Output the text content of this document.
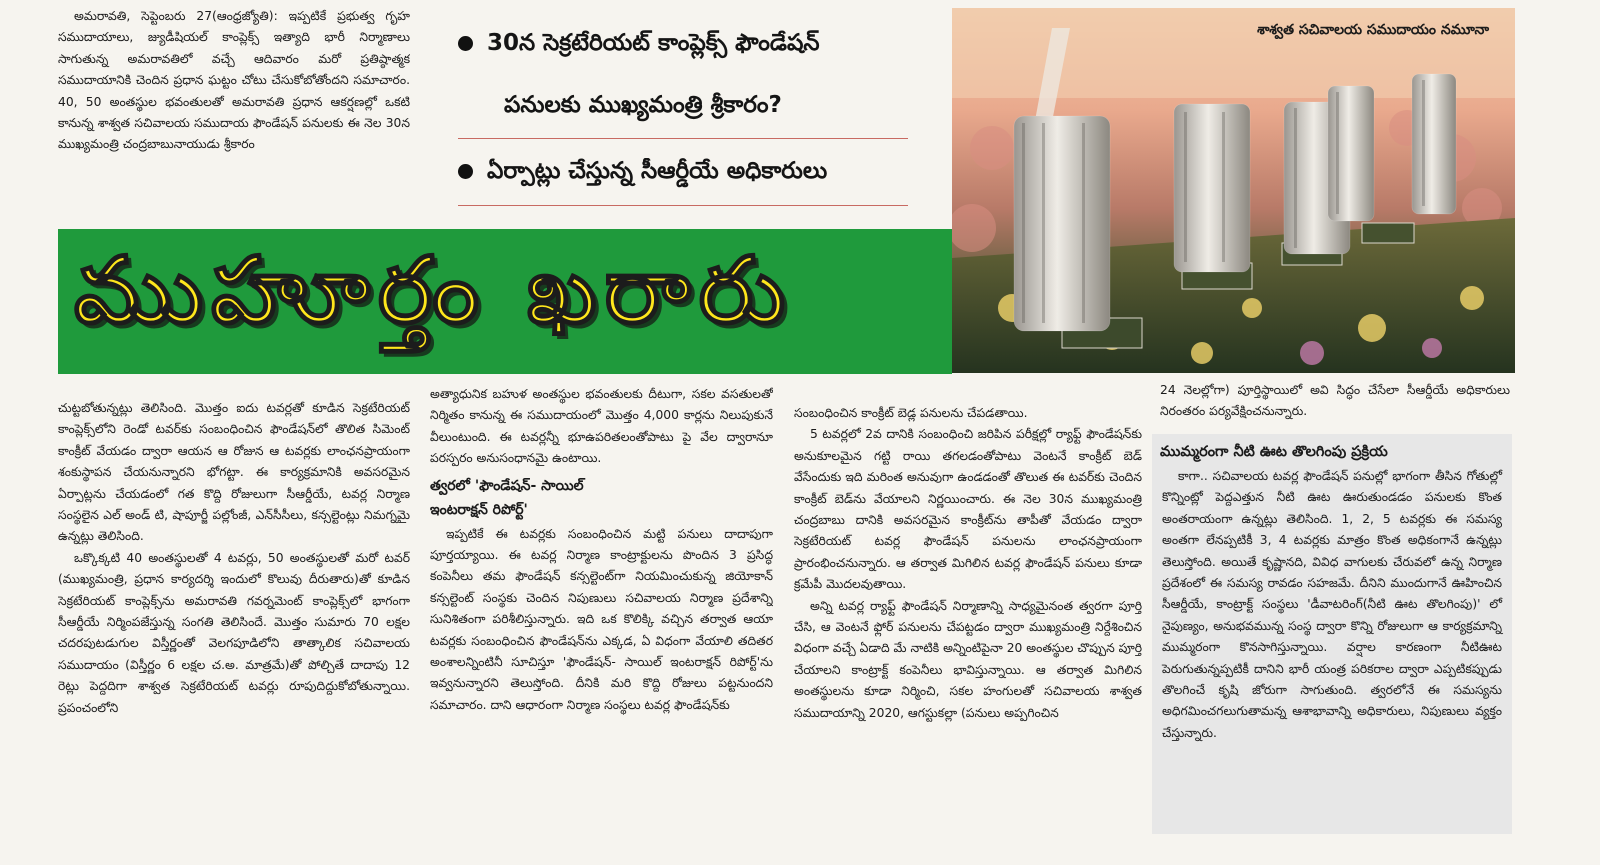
అమరావతి, సెప్టెంబరు 27(ఆంధ్రజ్యోతి): ఇప్పటికే ప్రభుత్వ గృహ సముదాయాలు, జ్యుడీషియల్ కాంప్లెక్స్ ఇత్యాది భారీ నిర్మాణాలు సాగుతున్న అమరావతిలో వచ్చే ఆదివారం మరో ప్రతిష్ఠాత్మక సముదాయానికి చెందిన ప్రధాన ఘట్టం చోటు చేసుకోబోతోందని సమాచారం. 40, 50 అంతస్థుల భవంతులతో అమరావతి ప్రధాన ఆకర్షణల్లో ఒకటి కానున్న శాశ్వత సచివాలయ సముదాయ ఫౌండేషన్ పనులకు ఈ నెల 30న ముఖ్యమంత్రి చంద్రబాబునాయుడు శ్రీకారం

30న సెక్రటేరియట్ కాంప్లెక్స్ ఫౌండేషన్
పనులకు ముఖ్యమంత్రి శ్రీకారం?
ఏర్పాట్లు చేస్తున్న సీఆర్డీయే అధికారులు
ముహూర్తం ఖరారు
శాశ్వత సచివాలయ సముదాయం నమూనా

చుట్టబోతున్నట్లు తెలిసింది. మొత్తం ఐదు టవర్లతో కూడిన సెక్రటేరియట్ కాంప్లెక్స్‌లోని రెండో టవర్‌కు సంబంధించిన ఫౌండేషన్‌లో తొలిత సిమెంట్ కాంక్రీట్ వేయడం ద్వారా ఆయన ఆ రోజున ఆ టవర్లకు లాంఛనప్రాయంగా శంకుస్థాపన చేయనున్నారని భోగట్టా. ఈ కార్యక్రమానికి అవసరమైన ఏర్పాట్లను చేయడంలో గత కొద్ది రోజులుగా సీఆర్డీయే, టవర్ల నిర్మాణ సంస్థలైన ఎల్ అండ్ టి, షాపూర్జీ పల్లోంజీ, ఎన్‌సీసీలు, కన్సల్టెంట్లు నిమగ్నమై ఉన్నట్లు తెలిసింది.

ఒక్కొక్కటి 40 అంతస్థులతో 4 టవర్లు, 50 అంతస్థులతో మరో టవర్ (ముఖ్యమంత్రి, ప్రధాన కార్యదర్శి ఇందులో కొలువు దీరుతారు)తో కూడిన సెక్రటేరియట్ కాంప్లెక్స్‌ను అమరావతి గవర్నమెంట్ కాంప్లెక్స్‌లో భాగంగా సీఆర్డీయే నిర్మింపజేస్తున్న సంగతి తెలిసిందే. మొత్తం సుమారు 70 లక్షల చదరపుటడుగుల విస్తీర్ణంతో వెలగపూడిలోని తాత్కాలిక సచివాలయ సముదాయం (విస్తీర్ణం 6 లక్షల చ.అ. మాత్రమే)తో పోల్చితే దాదాపు 12 రెట్లు పెద్దదిగా శాశ్వత సెక్రటేరియట్ టవర్లు రూపుదిద్దుకోబోతున్నాయి. ప్రపంచంలోని

అత్యాధునిక బహుళ అంతస్థుల భవంతులకు దీటుగా, సకల వసతులతో నిర్మితం కానున్న ఈ సముదాయంలో మొత్తం 4,000 కార్లను నిలుపుకునే వీలుంటుంది. ఈ టవర్లన్నీ భూఉపరితలంతోపాటు పై వేల ద్వారానూ పరస్పరం అనుసంధానమై ఉంటాయి.

త్వరలో 'ఫౌండేషన్- సాయిల్
ఇంటరాక్షన్ రిపోర్ట్'

ఇప్పటికే ఈ టవర్లకు సంబంధించిన మట్టి పనులు దాదాపుగా పూర్తయ్యాయి. ఈ టవర్ల నిర్మాణ కాంట్రాక్టులను పొందిన 3 ప్రసిద్ధ కంపెనీలు తమ ఫౌండేషన్ కన్సల్టెంట్‌గా నియమించుకున్న జియోకాన్ కన్సల్టెంట్ సంస్థకు చెందిన నిపుణులు సచివాలయ నిర్మాణ ప్రదేశాన్ని సునిశితంగా పరిశీలిస్తున్నారు. ఇది ఒక కొలిక్కి వచ్చిన తర్వాత ఆయా టవర్లకు సంబంధించిన ఫౌండేషన్‌ను ఎక్కడ, ఏ విధంగా వేయాలి తదితర అంశాలన్నింటినీ సూచిస్తూ 'ఫౌండేషన్- సాయిల్ ఇంటరాక్షన్ రిపోర్ట్'ను ఇవ్వనున్నారని తెలుస్తోంది. దీనికి మరి కొద్ది రోజులు పట్టనుందని సమాచారం. దాని ఆధారంగా నిర్మాణ సంస్థలు టవర్ల ఫౌండేషన్‌కు

సంబంధించిన కాంక్రీట్ బెడ్ల పనులను చేపడతాయి.

5 టవర్లలో 2వ దానికి సంబంధించి జరిపిన పరీక్షల్లో ర్యాఫ్ట్ ఫౌండేషన్‌కు అనుకూలమైన గట్టి రాయి తగలడంతోపాటు వెంటనే కాంక్రీట్ బెడ్ వేసేందుకు ఇది మరింత అనువుగా ఉండడంతో తొలుత ఈ టవర్‌కు చెందిన కాంక్రీట్ బెడ్‌ను వేయాలని నిర్ణయించారు. ఈ నెల 30న ముఖ్యమంత్రి చంద్రబాబు దానికి అవసరమైన కాంక్రీట్‌ను తాపీతో వేయడం ద్వారా సెక్రటేరియట్ టవర్ల ఫౌండేషన్ పనులను లాంఛనప్రాయంగా ప్రారంభించనున్నారు. ఆ తర్వాత మిగిలిన టవర్ల ఫౌండేషన్ పనులు కూడా క్రమేపీ మొదలవుతాయి.

అన్ని టవర్ల ర్యాఫ్ట్ ఫౌండేషన్ నిర్మాణాన్ని సాధ్యమైనంత త్వరగా పూర్తి చేసి, ఆ వెంటనే ఫ్లోర్ పనులను చేపట్టడం ద్వారా ముఖ్యమంత్రి నిర్దేశించిన విధంగా వచ్చే ఏడాది మే నాటికి అన్నింటిపైనా 20 అంతస్థుల చొప్పున పూర్తి చేయాలని కాంట్రాక్ట్ కంపెనీలు భావిస్తున్నాయి. ఆ తర్వాత మిగిలిన అంతస్థులను కూడా నిర్మించి, సకల హంగులతో సచివాలయ శాశ్వత సముదాయాన్ని 2020, ఆగస్టుకల్లా (పనులు అప్పగించిన

24 నెలల్లోగా) పూర్తిస్థాయిలో అవి సిద్ధం చేసేలా సీఆర్డీయే అధికారులు నిరంతరం పర్యవేక్షించనున్నారు.

ముమ్మరంగా నీటి ఊట తొలగింపు ప్రక్రియ

కాగా.. సచివాలయ టవర్ల ఫౌండేషన్ పనుల్లో భాగంగా తీసిన గోతుల్లో కొన్నింట్లో పెద్దఎత్తున నీటి ఊట ఊరుతుండడం పనులకు కొంత అంతరాయంగా ఉన్నట్లు తెలిసింది. 1, 2, 5 టవర్లకు ఈ సమస్య అంతగా లేనప్పటికీ 3, 4 టవర్లకు మాత్రం కొంత అధికంగానే ఉన్నట్లు తెలుస్తోంది. అయితే కృష్ణానది, వివిధ వాగులకు చేరువలో ఉన్న నిర్మాణ ప్రదేశంలో ఈ సమస్య రావడం సహజమే. దీనిని ముందుగానే ఊహించిన సీఆర్డీయే, కాంట్రాక్ట్ సంస్థలు 'డీవాటరింగ్(నీటి ఊట తొలగింపు)' లో నైపుణ్యం, అనుభవమున్న సంస్థ ద్వారా కొన్ని రోజులుగా ఆ కార్యక్రమాన్ని ముమ్మరంగా కొనసాగిస్తున్నాయి. వర్షాల కారణంగా నీటిఊట పెరుగుతున్నప్పటికీ దానిని భారీ యంత్ర పరికరాల ద్వారా ఎప్పటికప్పుడు తొలగించే కృషి జోరుగా సాగుతుంది. త్వరలోనే ఈ సమస్యను అధిగమించగలుగుతామన్న ఆశాభావాన్ని అధికారులు, నిపుణులు వ్యక్తం చేస్తున్నారు.
